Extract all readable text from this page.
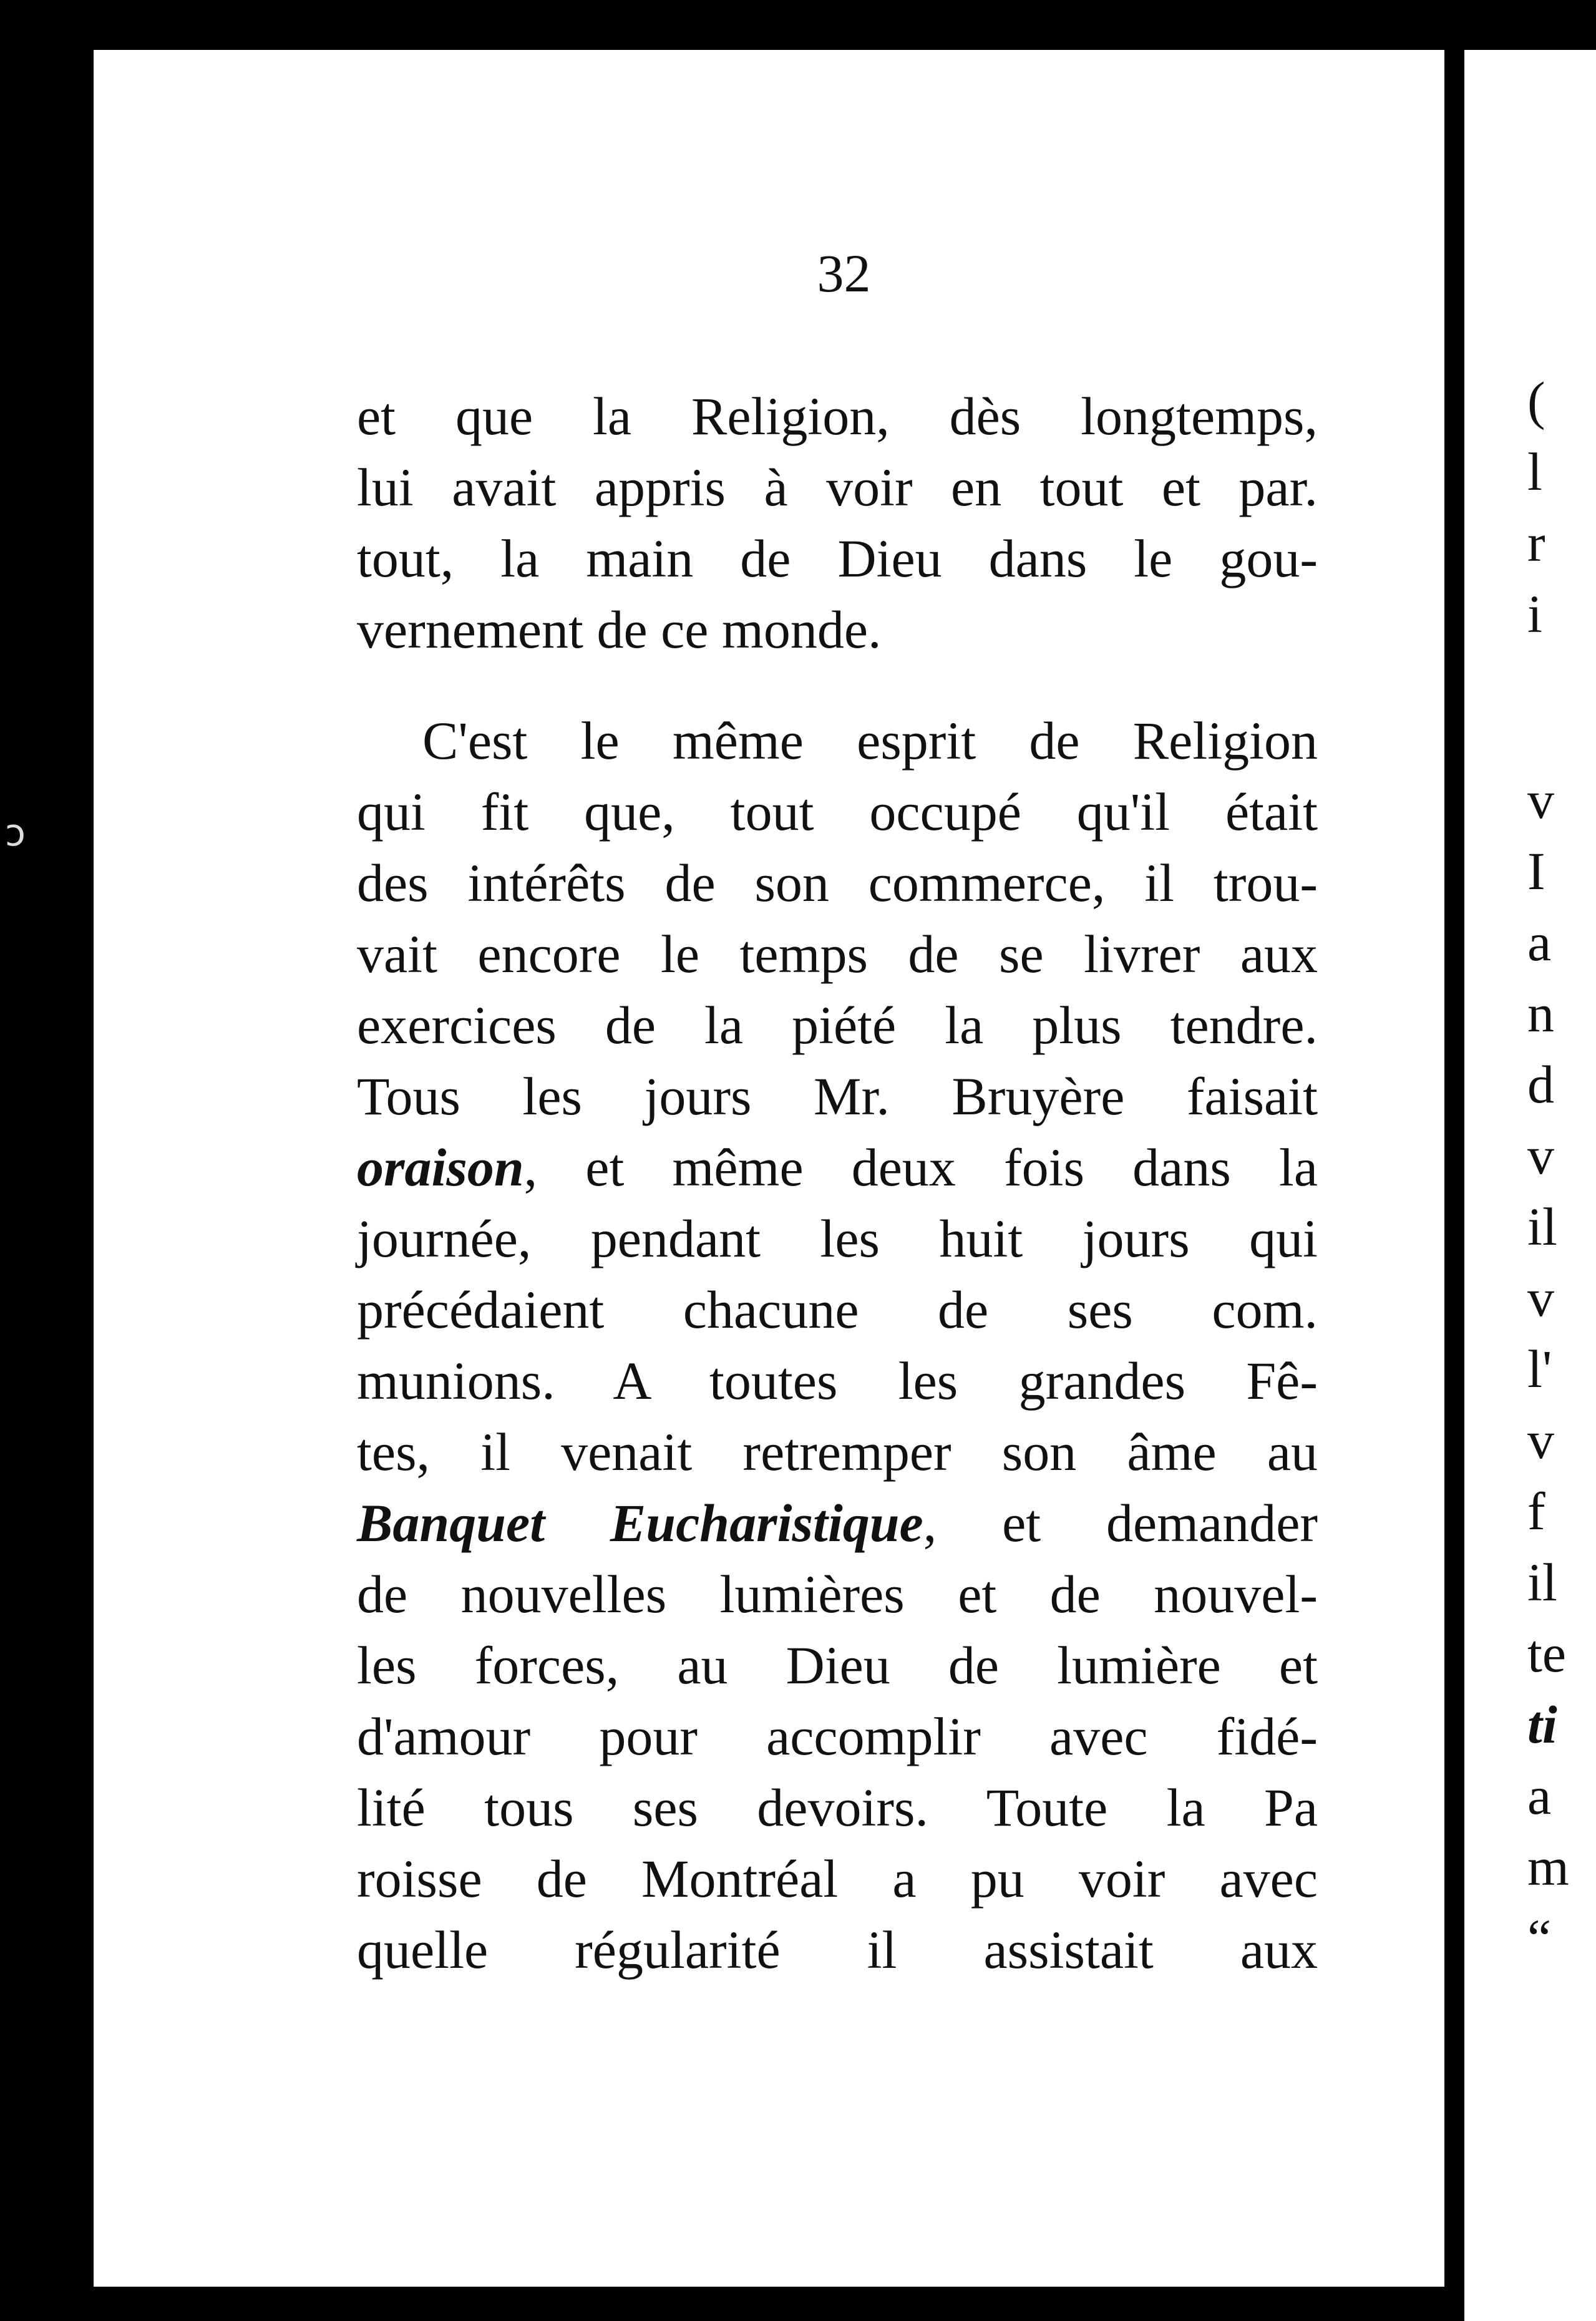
ↄ
32
et que la Religion, dès longtemps,
lui avait appris à voir en tout et par.
tout, la main de Dieu dans le gou-
vernement de ce monde.
C'est le même esprit de Religion
qui fit que, tout occupé qu'il était
des intérêts de son commerce, il trou-
vait encore le temps de se livrer aux
exercices de la piété la plus tendre.
Tous les jours Mr. Bruyère faisait
oraison, et même deux fois dans la
journée, pendant les huit jours qui
précédaient chacune de ses com.
munions. A toutes les grandes Fê-
tes, il venait retremper son âme au
Banquet Eucharistique, et demander
de nouvelles lumières et de nouvel-
les forces, au Dieu de lumière et
d'amour pour accomplir avec fidé-
lité tous ses devoirs. Toute la Pa
roisse de Montréal a pu voir avec
quelle régularité il assistait aux
(
l
r
i
v
I
a
n
d
v
il
v
l'
v
f
il
te
ti
a
m
“
